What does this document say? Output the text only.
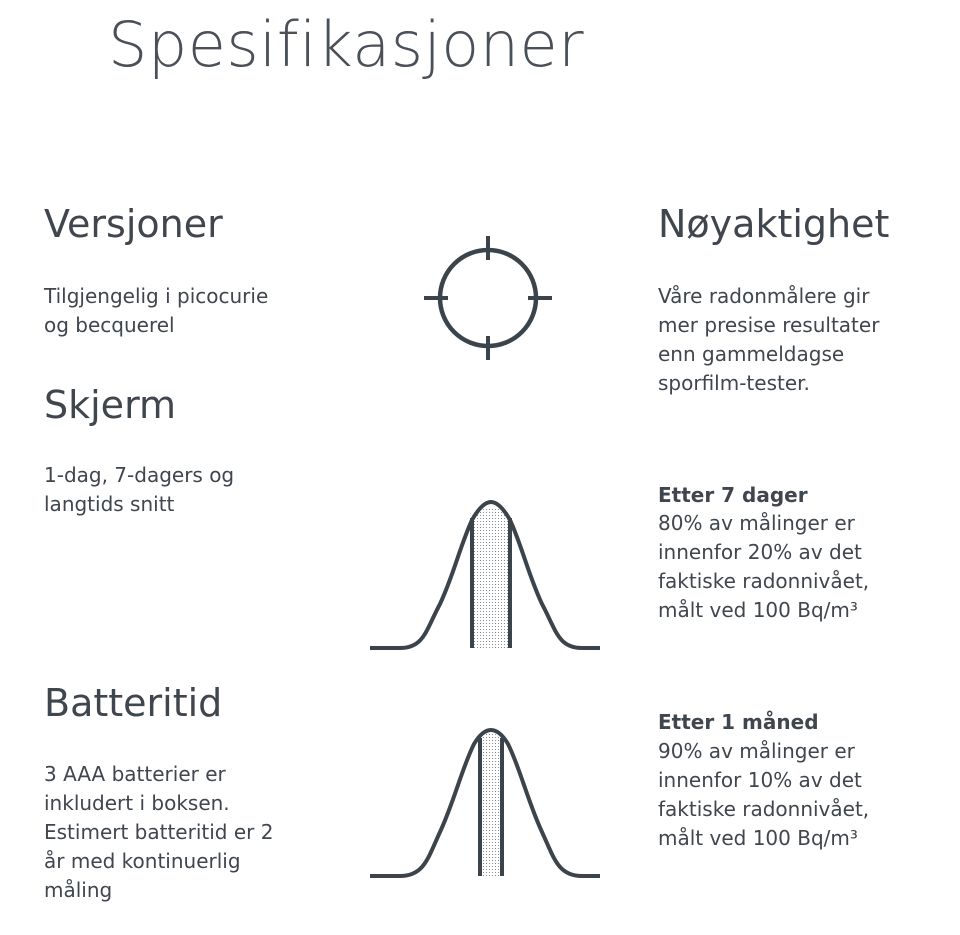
Spesifikasjoner
Versjoner

Tilgjengelig i picocurie
og becquerel

Skjerm

1-dag, 7-dagers og
langtids snitt

Batteritid

3 AAA batterier er
inkludert i boksen.
Estimert batteritid er 2
år med kontinuerlig
måling

Nøyaktighet

Våre radonmålere gir
mer presise resultater
enn gammeldagse
sporfilm-tester.

Etter 7 dager

80% av målinger er
innenfor 20% av det
faktiske radonnivået,
målt ved 100 Bq/m³

Etter 1 måned

90% av målinger er
innenfor 10% av det
faktiske radonnivået,
målt ved 100 Bq/m³
